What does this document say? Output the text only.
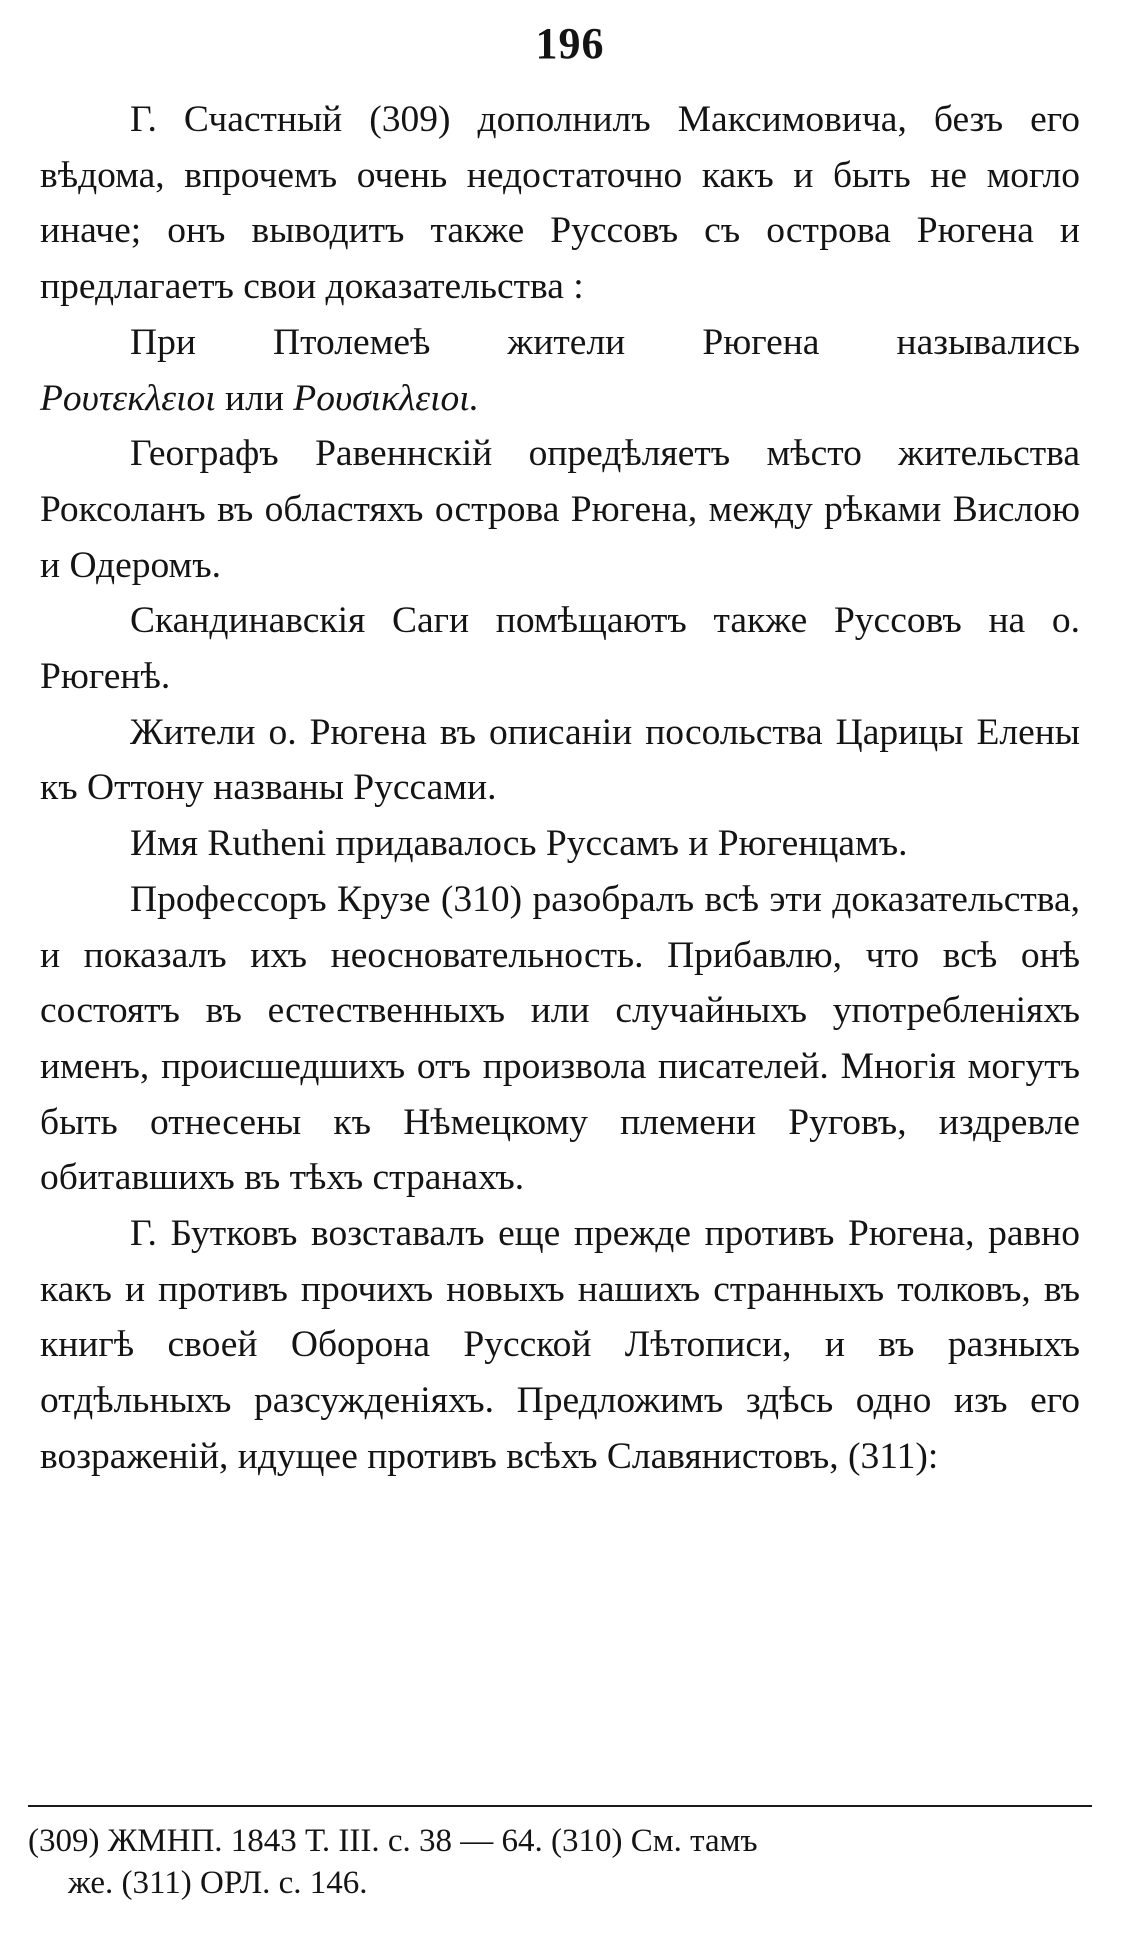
196

Г. Счастный (309) дополнилъ Максимовича, безъ его вѣдома, впрочемъ очень недостаточно какъ и быть не могло иначе; онъ выводитъ также Руссовъ съ острова Рюгена и предлагаетъ свои доказательства :

При Птолемеѣ жители Рюгена назывались

Ρουτεκλειοι или Ρουσικλειοι.

Географъ Равеннскій опредѣляетъ мѣсто жительства Роксоланъ въ областяхъ острова Рюгена, между рѣками Вислою и Одеромъ.

Скандинавскія Саги помѣщаютъ также Руссовъ на о. Рюгенѣ.

Жители о. Рюгена въ описаніи посольства Царицы Елены къ Оттону названы Руссами.

Имя Rutheni придавалось Руссамъ и Рюгенцамъ.

Профессоръ Крузе (310) разобралъ всѣ эти доказательства, и показалъ ихъ неосновательность. Прибавлю, что всѣ онѣ состоятъ въ естественныхъ или случайныхъ употребленіяхъ именъ, происшедшихъ отъ произвола писателей. Многія могутъ быть отнесены къ Нѣмецкому племени Руговъ, издревле обитавшихъ въ тѣхъ странахъ.

Г. Бутковъ возставалъ еще прежде противъ Рюгена, равно какъ и противъ прочихъ новыхъ нашихъ странныхъ толковъ, въ книгѣ своей Оборона Русской Лѣтописи, и въ разныхъ отдѣльныхъ разсужденіяхъ. Предложимъ здѣсь одно изъ его возраженій, идущее противъ всѣхъ Славянистовъ, (311):

(309) ЖМНП. 1843 Т. III. с. 38 — 64. (310) См. тамъ

же. (311) ОРЛ. с. 146.
